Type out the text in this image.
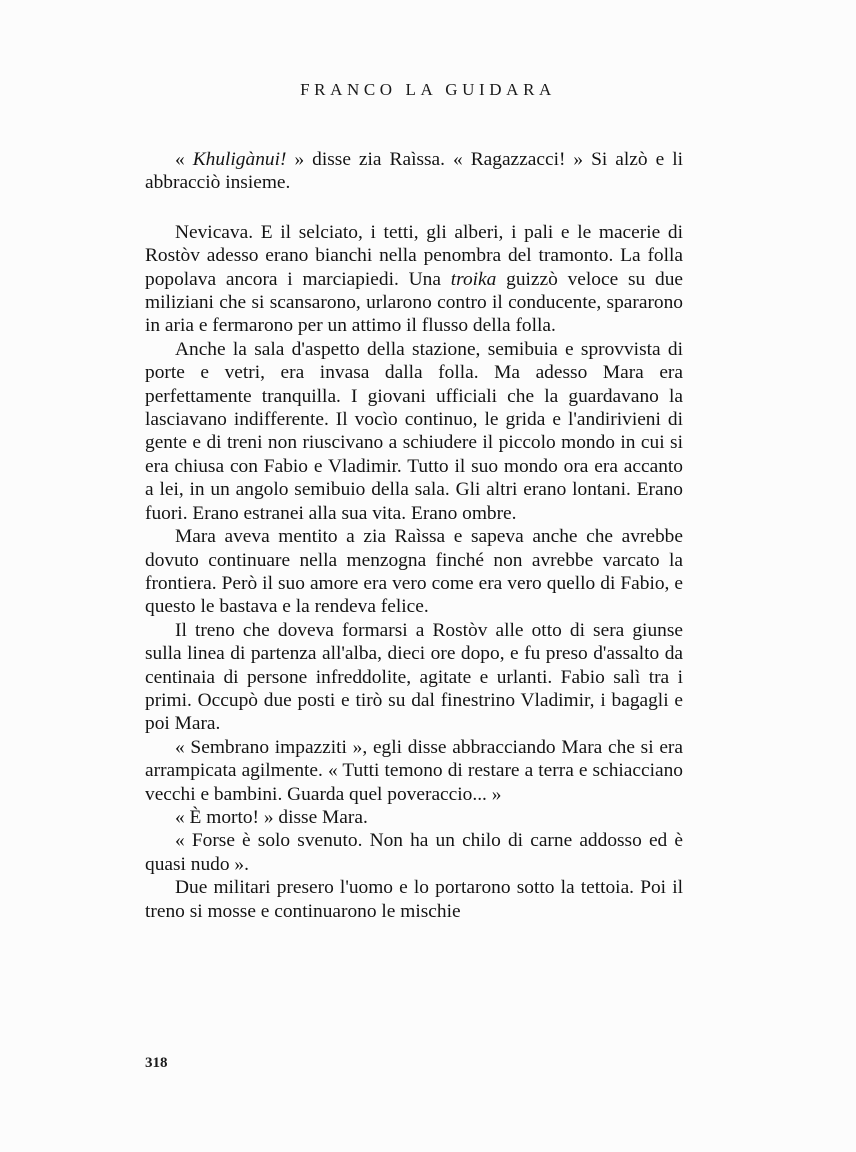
FRANCO LA GUIDARA

« Khuligànui! » disse zia Raìssa. « Ragazzacci! » Si alzò e li abbracciò insieme.

Nevicava. E il selciato, i tetti, gli alberi, i pali e le macerie di Rostòv adesso erano bianchi nella penombra del tramonto. La folla popolava ancora i marciapiedi. Una troika guizzò veloce su due miliziani che si scansarono, urlarono contro il conducente, spararono in aria e fermarono per un attimo il flusso della folla.

Anche la sala d'aspetto della stazione, semibuia e sprovvista di porte e vetri, era invasa dalla folla. Ma adesso Mara era perfettamente tranquilla. I giovani ufficiali che la guardavano la lasciavano indifferente. Il vocìo continuo, le grida e l'andirivieni di gente e di treni non riuscivano a schiudere il piccolo mondo in cui si era chiusa con Fabio e Vladimir. Tutto il suo mondo ora era accanto a lei, in un angolo semibuio della sala. Gli altri erano lontani. Erano fuori. Erano estranei alla sua vita. Erano ombre.

Mara aveva mentito a zia Raìssa e sapeva anche che avrebbe dovuto continuare nella menzogna finché non avrebbe varcato la frontiera. Però il suo amore era vero come era vero quello di Fabio, e questo le bastava e la rendeva felice.

Il treno che doveva formarsi a Rostòv alle otto di sera giunse sulla linea di partenza all'alba, dieci ore dopo, e fu preso d'assalto da centinaia di persone infreddolite, agitate e urlanti. Fabio salì tra i primi. Occupò due posti e tirò su dal finestrino Vladimir, i bagagli e poi Mara.

« Sembrano impazziti », egli disse abbracciando Mara che si era arrampicata agilmente. « Tutti temono di restare a terra e schiacciano vecchi e bambini. Guarda quel poveraccio... »

« È morto! » disse Mara.

« Forse è solo svenuto. Non ha un chilo di carne addosso ed è quasi nudo ».

Due militari presero l'uomo e lo portarono sotto la tettoia. Poi il treno si mosse e continuarono le mischie

318
